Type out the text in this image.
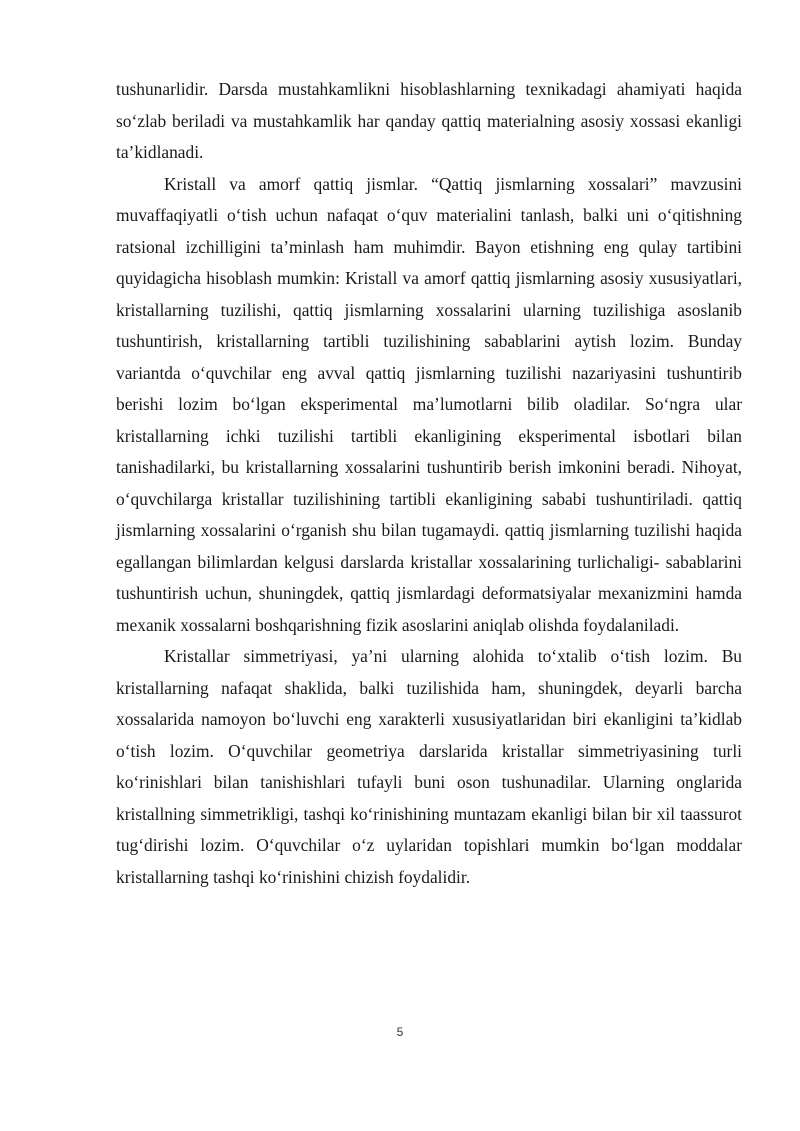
tushunarlidir. Darsda mustahkamlikni hisoblashlarning texnikadagi ahamiyati haqida so‘zlab beriladi va mustahkamlik har qanday qattiq materialning asosiy xossasi ekanligi ta’kidlanadi.

Kristall va amorf qattiq jismlar. “Qattiq jismlarning xossalari” mavzusini muvaffaqiyatli o‘tish uchun nafaqat o‘quv materialini tanlash, balki uni o‘qitishning ratsional izchilligini ta’minlash ham muhimdir. Bayon etishning eng qulay tartibini quyidagicha hisoblash mumkin: Kristall va amorf qattiq jismlarning asosiy xususiyatlari, kristallarning tuzilishi, qattiq jismlarning xossalarini ularning tuzilishiga asoslanib tushuntirish, kristallarning tartibli tuzilishining sabablarini aytish lozim. Bunday variantda o‘quvchilar eng avval qattiq jismlarning tuzilishi nazariyasini tushuntirib berishi lozim bo‘lgan eksperimental ma’lumotlarni bilib oladilar. So‘ngra ular kristallarning ichki tuzilishi tartibli ekanligining eksperimental isbotlari bilan tanishadilarki, bu kristallarning xossalarini tushuntirib berish imkonini beradi. Nihoyat, o‘quvchilarga kristallar tuzilishining tartibli ekanligining sababi tushuntiriladi. qattiq jismlarning xossalarini o‘rganish shu bilan tugamaydi. qattiq jismlarning tuzilishi haqida egallangan bilimlardan kelgusi darslarda kristallar xossalarining turlichaligi- sabablarini tushuntirish uchun, shuningdek, qattiq jismlardagi deformatsiyalar mexanizmini hamda mexanik xossalarni boshqarishning fizik asoslarini aniqlab olishda foydalaniladi.

Kristallar simmetriyasi, ya’ni ularning alohida to‘xtalib o‘tish lozim. Bu kristallarning nafaqat shaklida, balki tuzilishida ham, shuningdek, deyarli barcha xossalarida namoyon bo‘luvchi eng xarakterli xususiyatlaridan biri ekanligini ta’kidlab o‘tish lozim. O‘quvchilar geometriya darslarida kristallar simmetriyasining turli ko‘rinishlari bilan tanishishlari tufayli buni oson tushunadilar. Ularning onglarida kristallning simmetrikligi, tashqi ko‘rinishining muntazam ekanligi bilan bir xil taassurot tug‘dirishi lozim. O‘quvchilar o‘z uylaridan topishlari mumkin bo‘lgan moddalar kristallarning tashqi ko‘rinishini chizish foydalidir.

5
